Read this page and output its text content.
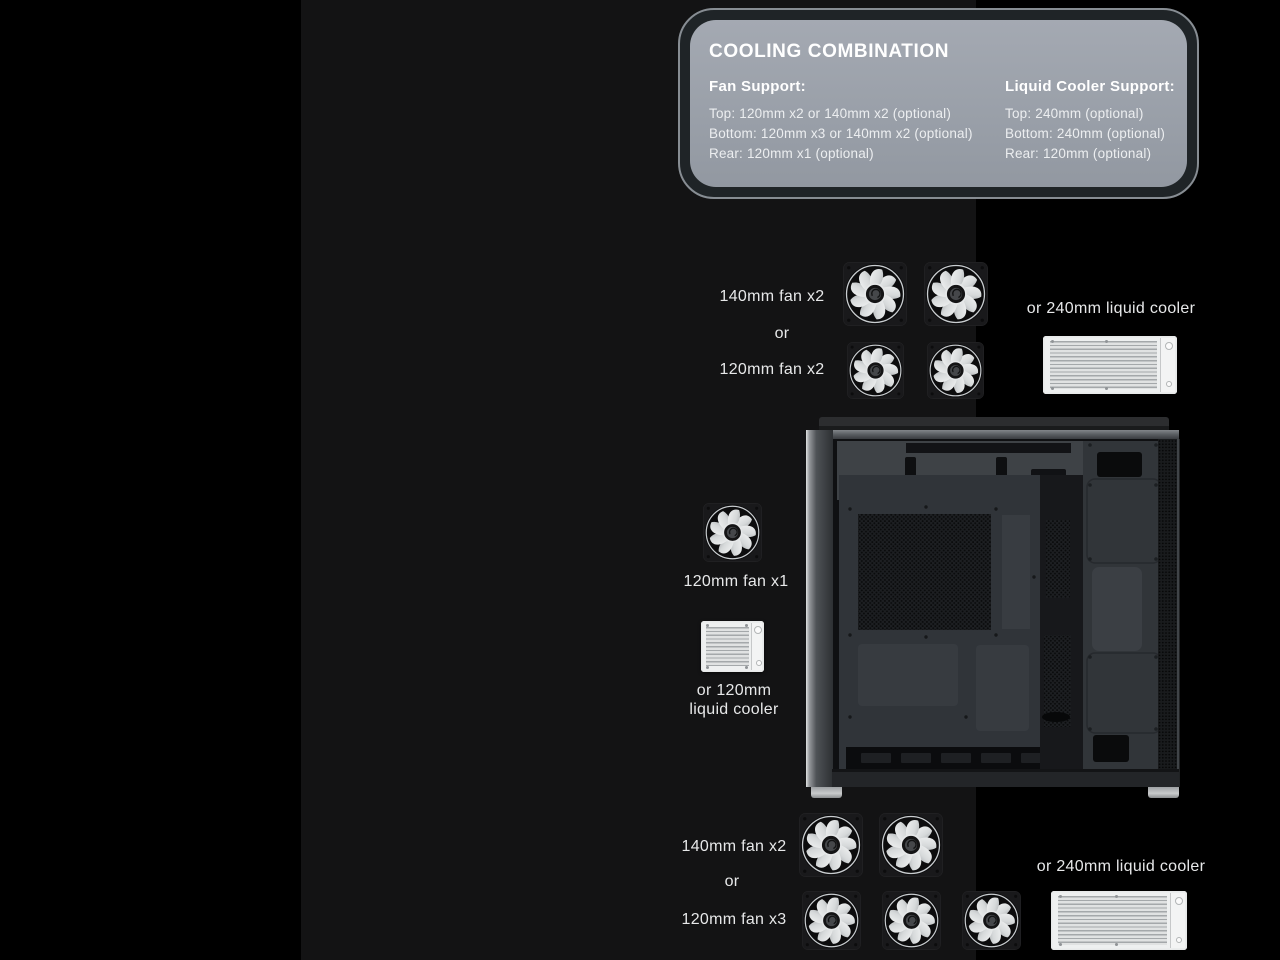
COOLING COMBINATION
Fan Support:

Top: 120mm x2 or 140mm x2 (optional)

Bottom: 120mm x3 or 140mm x2 (optional)

Rear: 120mm x1 (optional)

Liquid Cooler Support:

Top: 240mm (optional)

Bottom: 240mm (optional)

Rear: 120mm (optional)

140mm fan x2
or
120mm fan x2
or 240mm liquid cooler
120mm fan x1
or 120mm
liquid cooler
140mm fan x2
or
120mm fan x3
or 240mm liquid cooler
